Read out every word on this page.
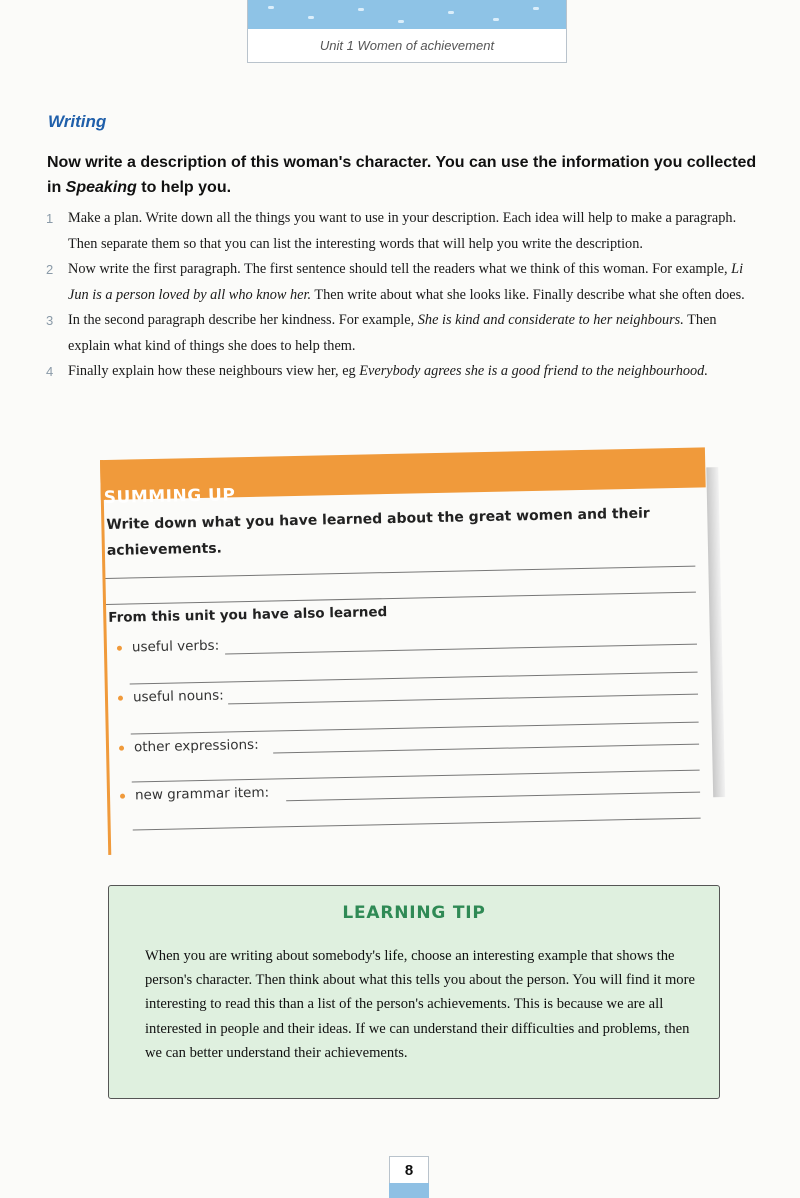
Unit 1 Women of achievement
Writing
Now write a description of this woman's character. You can use the information you collected in Speaking to help you.
1 Make a plan. Write down all the things you want to use in your description. Each idea will help to make a paragraph. Then separate them so that you can list the interesting words that will help you write the description.
2 Now write the first paragraph. The first sentence should tell the readers what we think of this woman. For example, Li Jun is a person loved by all who know her. Then write about what she looks like. Finally describe what she often does.
3 In the second paragraph describe her kindness. For example, She is kind and considerate to her neighbours. Then explain what kind of things she does to help them.
4 Finally explain how these neighbours view her, eg Everybody agrees she is a good friend to the neighbourhood.
SUMMING UP
Write down what you have learned about the great women and their achievements.
From this unit you have also learned
useful verbs:
useful nouns:
other expressions:
new grammar item:
LEARNING TIP
When you are writing about somebody's life, choose an interesting example that shows the person's character. Then think about what this tells you about the person. You will find it more interesting to read this than a list of the person's achievements. This is because we are all interested in people and their ideas. If we can understand their difficulties and problems, then we can better understand their achievements.
8
